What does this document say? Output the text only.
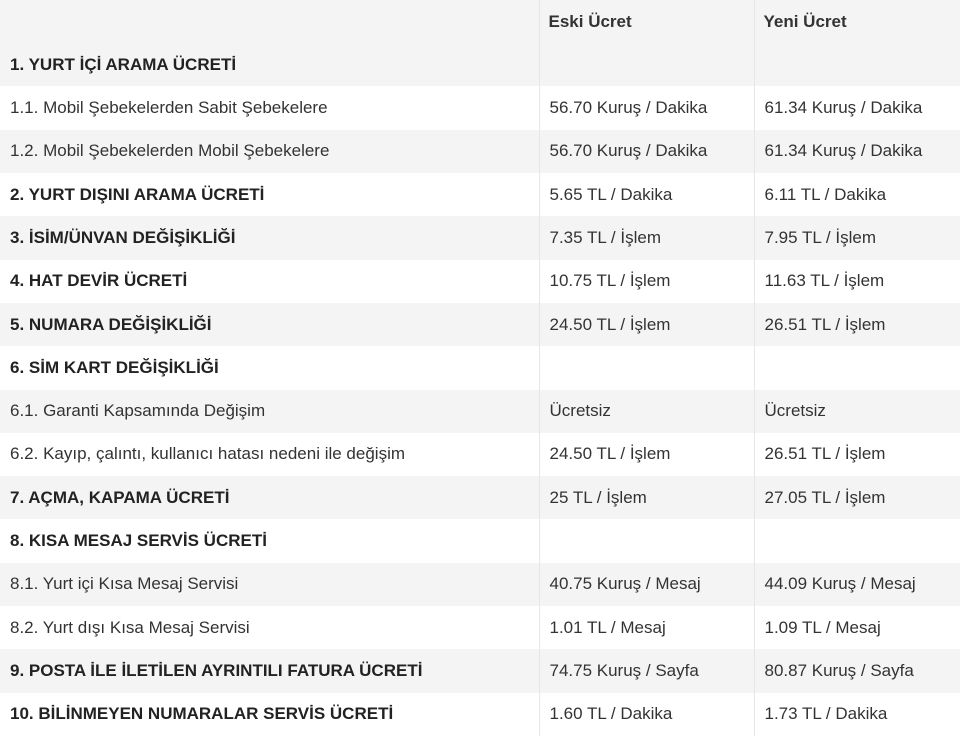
	Eski Ücret	Yeni Ücret
1. YURT İÇİ ARAMA ÜCRETİ		
1.1. Mobil Şebekelerden Sabit Şebekelere	56.70 Kuruş / Dakika	61.34 Kuruş / Dakika
1.2. Mobil Şebekelerden Mobil Şebekelere	56.70 Kuruş / Dakika	61.34 Kuruş / Dakika
2. YURT DIŞINI ARAMA ÜCRETİ	5.65 TL / Dakika	6.11 TL / Dakika
3. İSİM/ÜNVAN DEĞİŞİKLİĞİ	7.35 TL / İşlem	7.95 TL / İşlem
4. HAT DEVİR ÜCRETİ	10.75 TL / İşlem	11.63 TL / İşlem
5. NUMARA DEĞİŞİKLİĞİ	24.50 TL / İşlem	26.51 TL / İşlem
6. SİM KART DEĞİŞİKLİĞİ		
6.1. Garanti Kapsamında Değişim	Ücretsiz	Ücretsiz
6.2. Kayıp, çalıntı, kullanıcı hatası nedeni ile değişim	24.50 TL / İşlem	26.51 TL / İşlem
7. AÇMA, KAPAMA ÜCRETİ	25 TL / İşlem	27.05 TL / İşlem
8. KISA MESAJ SERVİS ÜCRETİ		
8.1. Yurt içi Kısa Mesaj Servisi	40.75 Kuruş / Mesaj	44.09 Kuruş / Mesaj
8.2. Yurt dışı Kısa Mesaj Servisi	1.01 TL / Mesaj	1.09 TL / Mesaj
9. POSTA İLE İLETİLEN AYRINTILI FATURA ÜCRETİ	74.75 Kuruş / Sayfa	80.87 Kuruş / Sayfa
10. BİLİNMEYEN NUMARALAR SERVİS ÜCRETİ	1.60 TL / Dakika	1.73 TL / Dakika
